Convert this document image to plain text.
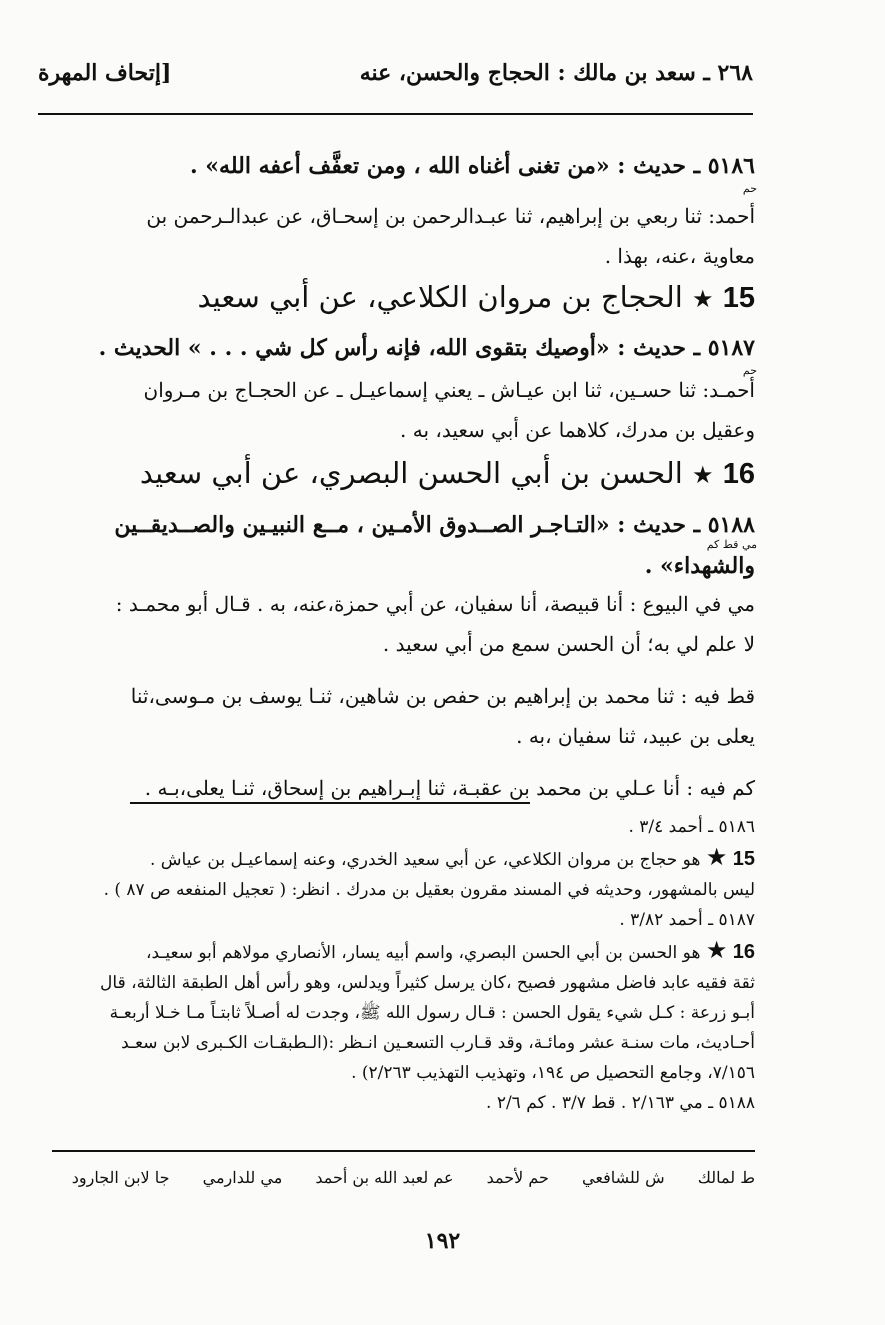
٢٦٨ ـ سعد بن مالك : الحجاج والحسن، عنه
[إتحاف المهرة
٥١٨٦ ـ حديث : «من تغنى أغناه الله ، ومن تعفَّف أعفه الله» .
حم
أحمد: ثنا ربعي بن إبراهيم، ثنا عبـدالرحمن بن إسحـاق، عن عبدالـرحمن بن
معاوية ،عنه، بهذا .
15 ★ الحجاج بن مروان الكلاعي، عن أبي سعيد
٥١٨٧ ـ حديث : «أوصيك بتقوى الله، فإنه رأس كل شي . . . » الحديث .
حم
أحمـد: ثنا حسـين، ثنا ابن عيـاش ـ يعني إسماعيـل ـ عن الحجـاج بن مـروان
وعقيل بن مدرك، كلاهما عن أبي سعيد، به .
16 ★ الحسن بن أبي الحسن البصري، عن أبي سعيد
٥١٨٨ ـ حديث : «التـاجـر الصــدوق الأمـين ، مــع النبيـين والصــديقــين
مي قط كم
والشهداء» .
مي في البيوع : أنا قبيصة، أنا سفيان، عن أبي حمزة،عنه، به . قـال أبو محمـد :
لا علم لي به؛ أن الحسن سمع من أبي سعيد .
قط فيه : ثنا محمد بن إبراهيم بن حفص بن شاهين، ثنـا يوسف بن مـوسى،ثنا
يعلى بن عبيد، ثنا سفيان ،به .
كم فيه : أنا عـلي بن محمد بن عقبـة، ثنا إبـراهيم بن إسحاق، ثنـا يعلى،بـه .
٥١٨٦ ـ أحمد ٣/٤ .
15 ★ هو حجاج بن مروان الكلاعي، عن أبي سعيد الخدري، وعنه إسماعيـل بن عياش .
ليس بالمشهور، وحديثه في المسند مقرون بعقيل بن مدرك . انظر: ( تعجيل المنفعه ص ٨٧ ) .
٥١٨٧ ـ أحمد ٣/٨٢ .
16 ★ هو الحسن بن أبي الحسن البصري، واسم أبيه يسار، الأنصاري مولاهم أبو سعيـد،
ثقة فقيه عابد فاضل مشهور فصيح ،كان يرسل كثيراً ويدلس، وهو رأس أهل الطبقة الثالثة، قال
أبـو زرعة : كـل شيء يقول الحسن : قـال رسول الله ﷺ، وجدت له أصـلاً ثابتـاً مـا خـلا أربعـة
أحـاديث، مات سنـة عشر ومائـة، وقد قـارب التسعـين انـظر :(الـطبقـات الكـبرى لابن سعـد
٧/١٥٦، وجامع التحصيل ص ١٩٤، وتهذيب التهذيب ٢/٢٦٣) .
٥١٨٨ ـ مي ٢/١٦٣ . قط ٣/٧ . كم ٢/٦ .
ط لمالك ش للشافعي حم لأحمد عم لعبد الله بن أحمد مي للدارمي جا لابن الجارود
١٩٢
